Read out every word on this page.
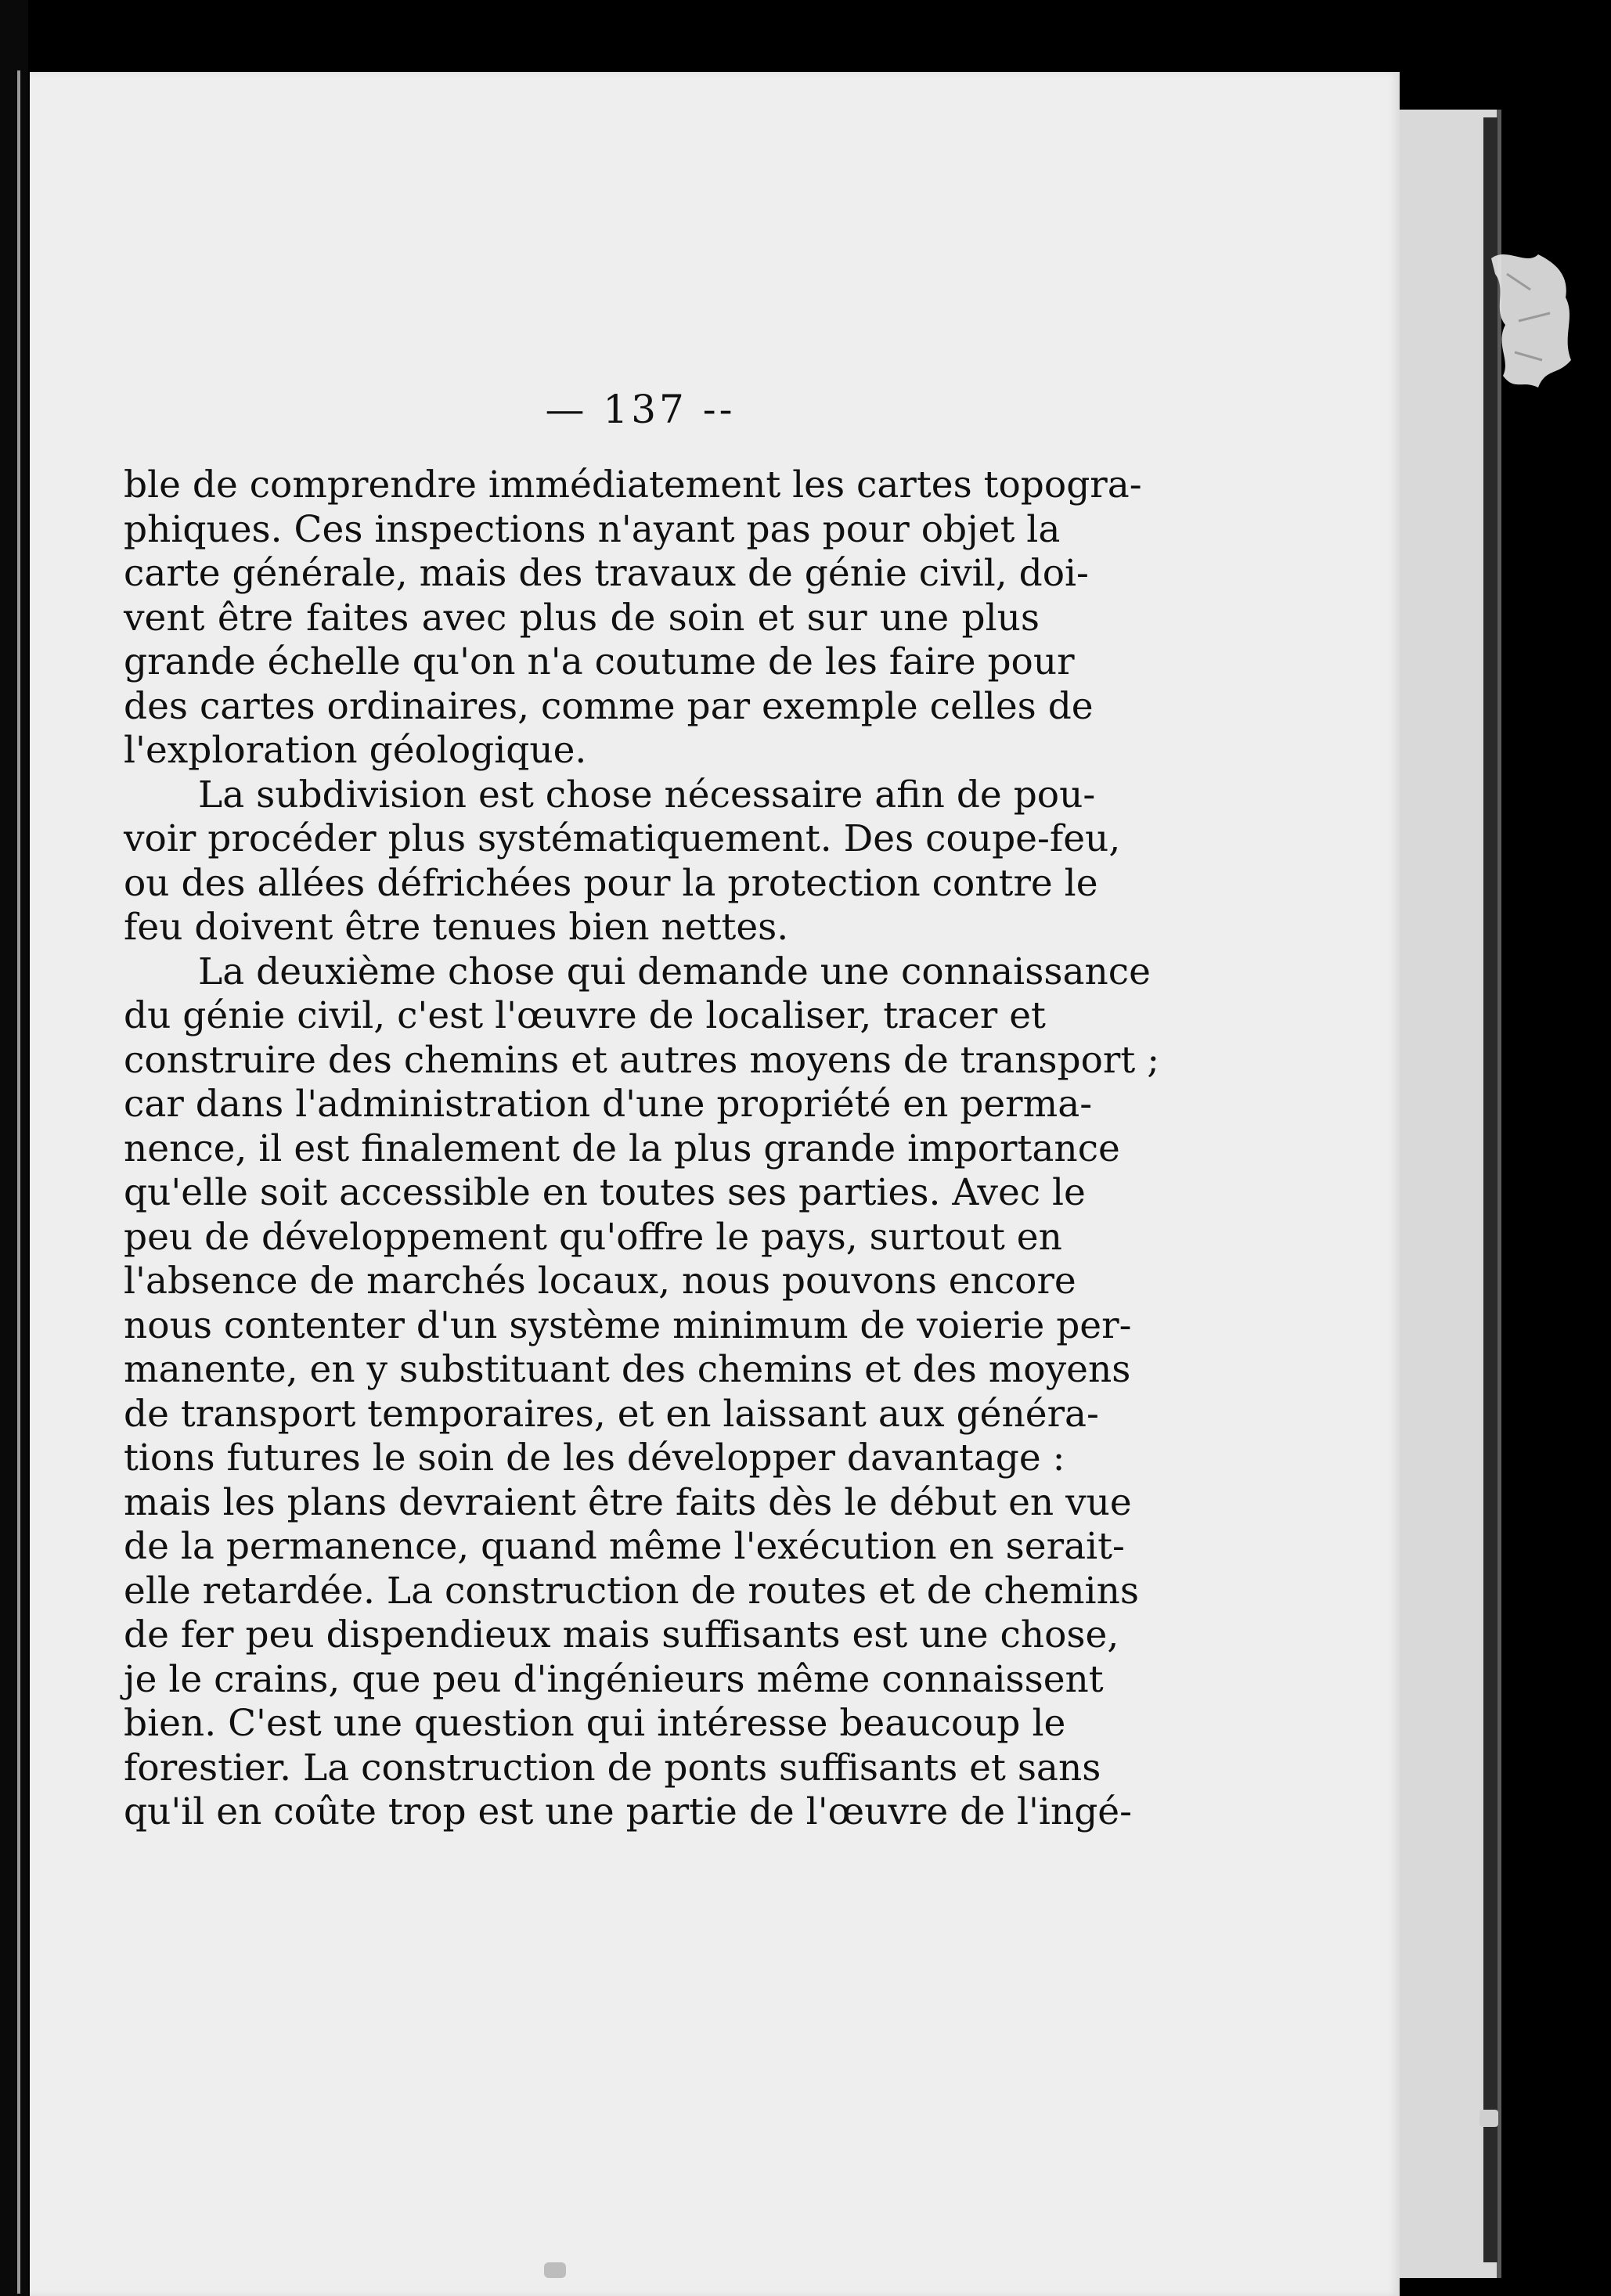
— 137 --
ble de comprendre immédiatement les cartes topogra-
phiques. Ces inspections n'ayant pas pour objet la
carte générale, mais des travaux de génie civil, doi-
vent être faites avec plus de soin et sur une plus
grande échelle qu'on n'a coutume de les faire pour
des cartes ordinaires, comme par exemple celles de
l'exploration géologique.
La subdivision est chose nécessaire afin de pou-
voir procéder plus systématiquement. Des coupe-feu,
ou des allées défrichées pour la protection contre le
feu doivent être tenues bien nettes.
La deuxième chose qui demande une connaissance
du génie civil, c'est l'œuvre de localiser, tracer et
construire des chemins et autres moyens de transport ;
car dans l'administration d'une propriété en perma-
nence, il est finalement de la plus grande importance
qu'elle soit accessible en toutes ses parties. Avec le
peu de développement qu'offre le pays, surtout en
l'absence de marchés locaux, nous pouvons encore
nous contenter d'un système minimum de voierie per-
manente, en y substituant des chemins et des moyens
de transport temporaires, et en laissant aux généra-
tions futures le soin de les développer davantage :
mais les plans devraient être faits dès le début en vue
de la permanence, quand même l'exécution en serait-
elle retardée. La construction de routes et de chemins
de fer peu dispendieux mais suffisants est une chose,
je le crains, que peu d'ingénieurs même connaissent
bien. C'est une question qui intéresse beaucoup le
forestier. La construction de ponts suffisants et sans
qu'il en coûte trop est une partie de l'œuvre de l'ingé-
